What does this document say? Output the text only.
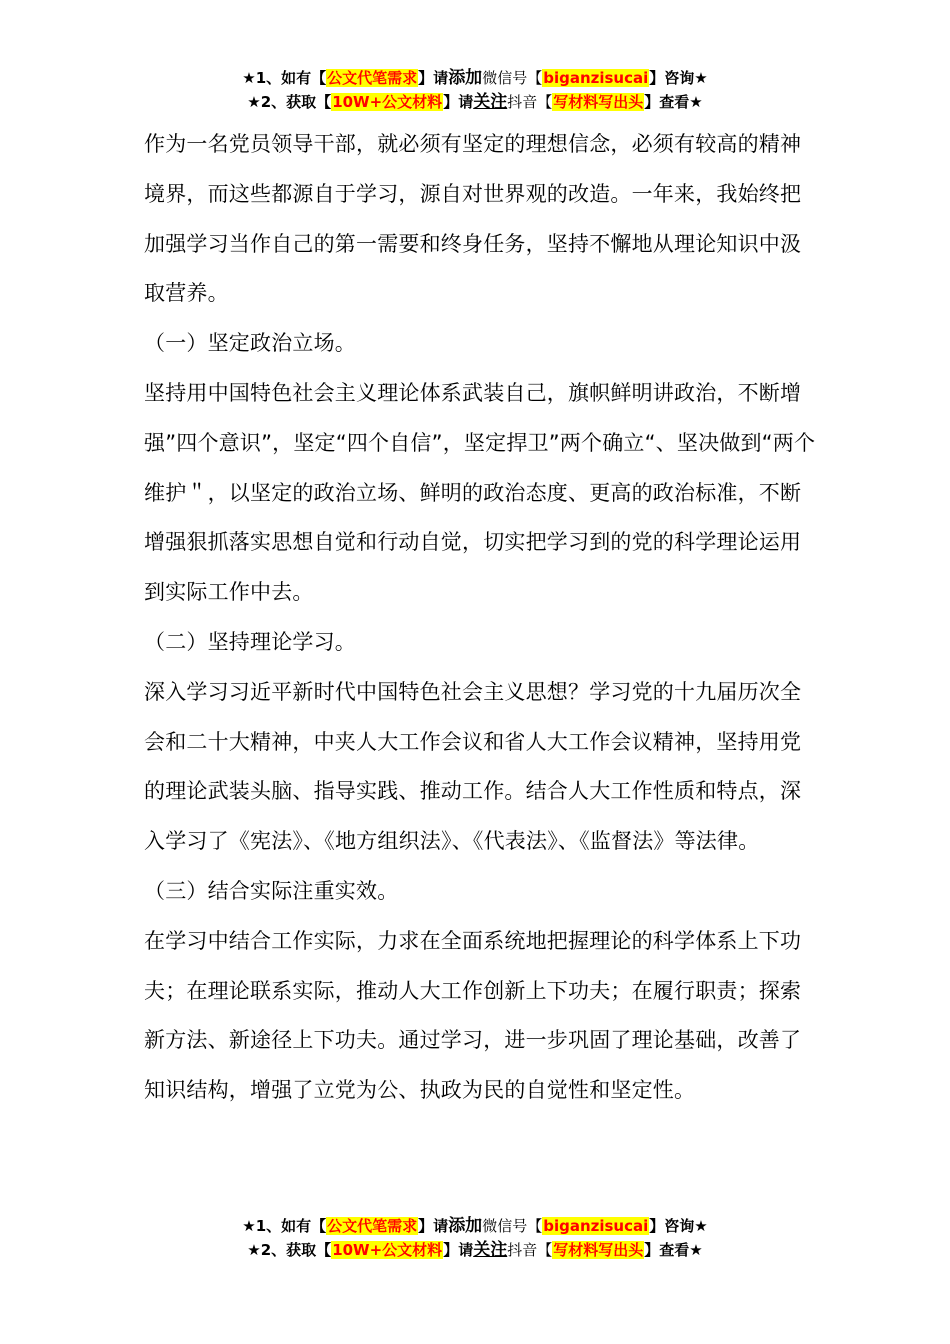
★1、如有【公文代笔需求】请添加微信号【biganzisucai】咨询★
★2、获取【10W+公文材料】请关注抖音【写材料写出头】查看★

作为一名党员领导干部，就必须有坚定的理想信念，必须有较高的精神境界，而这些都源自于学习，源自对世界观的改造。一年来，我始终把加强学习当作自己的第一需要和终身任务，坚持不懈地从理论知识中汲取营养。

（一）坚定政治立场。

坚持用中国特色社会主义理论体系武装自己，旗帜鲜明讲政治，不断增强”四个意识”，坚定“四个自信”，坚定捍卫”两个确立“、坚决做到“两个维护＂，以坚定的政治立场、鲜明的政治态度、更高的政治标准，不断增强狠抓落实思想自觉和行动自觉，切实把学习到的党的科学理论运用到实际工作中去。

（二）坚持理论学习。

深入学习习近平新时代中国特色社会主义思想？学习党的十九届历次全会和二十大精神，中夹人大工作会议和省人大工作会议精神，坚持用党的理论武装头脑、指导实践、推动工作。结合人大工作性质和特点，深入学习了《宪法》、《地方组织法》、《代表法》、《监督法》等法律。

（三）结合实际注重实效。

在学习中结合工作实际，力求在全面系统地把握理论的科学体系上下功夫；在理论联系实际，推动人大工作创新上下功夫；在履行职责；探索新方法、新途径上下功夫。通过学习，进一步巩固了理论基础，改善了知识结构，增强了立党为公、执政为民的自觉性和坚定性。

★1、如有【公文代笔需求】请添加微信号【biganzisucai】咨询★
★2、获取【10W+公文材料】请关注抖音【写材料写出头】查看★
